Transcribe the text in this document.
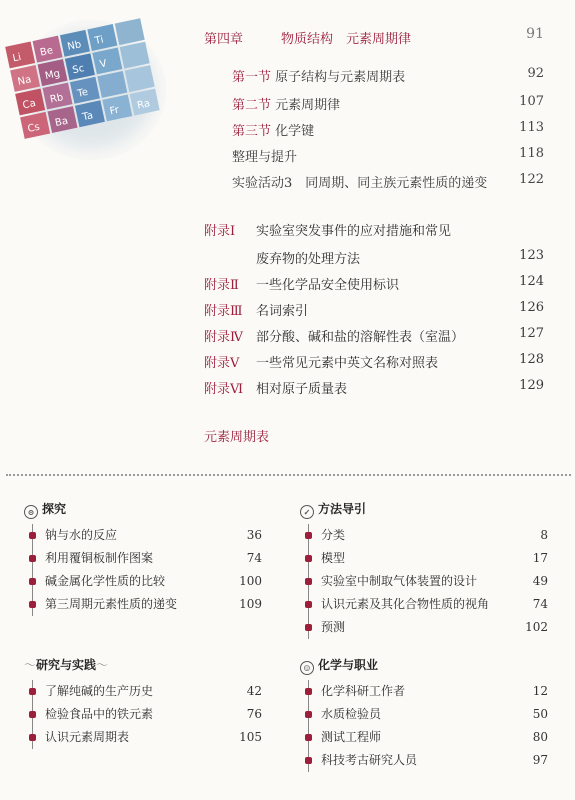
Li Be Nb Ti
Na Mg Sc V
Ca Rb Te
Cs Ba Ta Fr Ra
第四章	物质结构　元素周期律	91
第一节 原子结构与元素周期表	92
第二节 元素周期律	107
第三节 化学键	113
整理与提升	118
实验活动3　同周期、同主族元素性质的递变 122
附录Ⅰ	实验室突发事件的应对措施和常见
废弃物的处理方法	123
附录Ⅱ	一些化学品安全使用标识	124
附录Ⅲ	名词索引	126
附录Ⅳ	部分酸、碱和盐的溶解性表（室温）	127
附录Ⅴ	一些常见元素中英文名称对照表	128
附录Ⅵ 相对原子质量表	129
元素周期表
⊙ 探究
钠与水的反应	36
利用覆铜板制作图案	74
碱金属化学性质的比较	100
第三周期元素性质的递变	109
✓ 方法导引
分类	8
模型	17
实验室中制取气体装置的设计	49
认识元素及其化合物性质的视角	74
预测	102
〜研究与实践〜
了解纯碱的生产历史	42
检验食品中的铁元素	76
认识元素周期表	105
☺ 化学与职业
化学科研工作者	12
水质检验员	50
测试工程师	80
科技考古研究人员	97
